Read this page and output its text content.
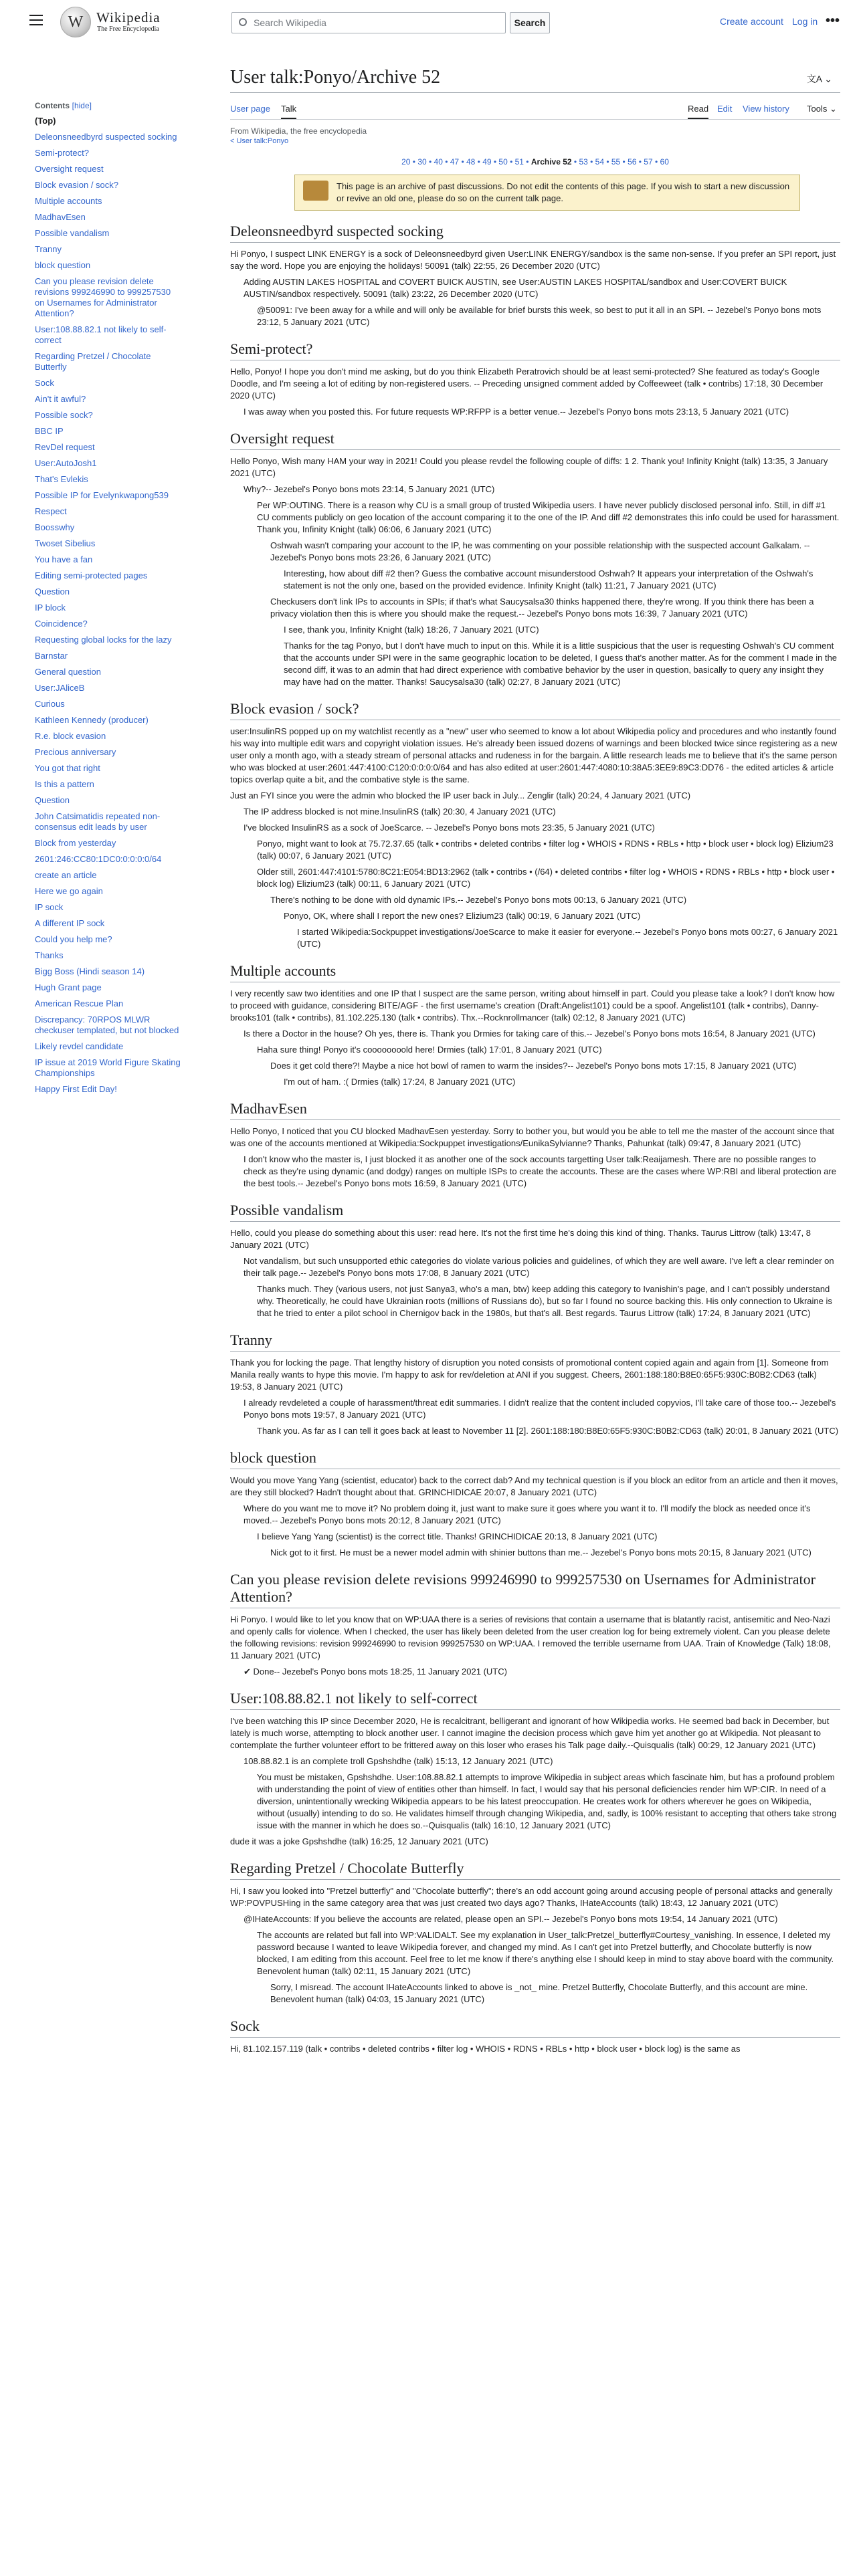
W Wikipedia
The Free Encyclopedia
Search Wikipedia	Search	Create account Log in •••
Contents [hide]
(Top)
Deleonsneedbyrd suspected socking
Semi-protect?
Oversight request
Block evasion / sock?
Multiple accounts
MadhavEsen
Possible vandalism
Tranny
block question
Can you please revision delete revisions 999246990 to 999257530 on Usernames for Administrator Attention?
User:108.88.82.1 not likely to self-correct
Regarding Pretzel / Chocolate Butterfly
Sock
Ain't it awful?
Possible sock?
BBC IP
RevDel request
User:AutoJosh1
That's Evlekis
Possible IP for Evelynkwapong539
Respect
Boosswhy
Twoset Sibelius
You have a fan
Editing semi-protected pages
Question
IP block
Coincidence?
Requesting global locks for the lazy
Barnstar
General question
User:JAliceB
Curious
Kathleen Kennedy (producer)
R.e. block evasion
Precious anniversary
You got that right
Is this a pattern
Question
John Catsimatidis repeated non-consensus edit leads by user
Block from yesterday
2601:246:CC80:1DC0:0:0:0:0/64
create an article
Here we go again
IP sock
A different IP sock
Could you help me?
Thanks
Bigg Boss (Hindi season 14)
Hugh Grant page
American Rescue Plan
Discrepancy: 70RPOS MLWR checkuser templated, but not blocked
Likely revdel candidate
IP issue at 2019 World Figure Skating Championships
Happy First Edit Day!
User talk:Ponyo/Archive 52	文A ⌄
User page Talk	Read Edit View history Tools ⌄
From Wikipedia, the free encyclopedia
< User talk:Ponyo
20 • 30 • 40 • 47 • 48 • 49 • 50 • 51 • Archive 52 • 53 • 54 • 55 • 56 • 57 • 60
This page is an archive of past discussions. Do not edit the contents of this page. If you wish to start a new discussion or revive an old one, please do so on the current talk page.
Deleonsneedbyrd suspected socking

Hi Ponyo, I suspect LINK ENERGY is a sock of Deleonsneedbyrd given User:LINK ENERGY/sandbox is the same non-sense. If you prefer an SPI report, just say the word. Hope you are enjoying the holidays! 50091 (talk) 22:55, 26 December 2020 (UTC)

Adding AUSTIN LAKES HOSPITAL and COVERT BUICK AUSTIN, see User:AUSTIN LAKES HOSPITAL/sandbox and User:COVERT BUICK AUSTIN/sandbox respectively. 50091 (talk) 23:22, 26 December 2020 (UTC)

@50091: I've been away for a while and will only be available for brief bursts this week, so best to put it all in an SPI. -- Jezebel's Ponyo bons mots 23:12, 5 January 2021 (UTC)

Semi-protect?

Hello, Ponyo! I hope you don't mind me asking, but do you think Elizabeth Peratrovich should be at least semi-protected? She featured as today's Google Doodle, and I'm seeing a lot of editing by non-registered users. -- Preceding unsigned comment added by Coffeeweet (talk • contribs) 17:18, 30 December 2020 (UTC)

I was away when you posted this. For future requests WP:RFPP is a better venue.-- Jezebel's Ponyo bons mots 23:13, 5 January 2021 (UTC)

Oversight request

Hello Ponyo, Wish many HAM your way in 2021! Could you please revdel the following couple of diffs: 1 2. Thank you! Infinity Knight (talk) 13:35, 3 January 2021 (UTC)

Why?-- Jezebel's Ponyo bons mots 23:14, 5 January 2021 (UTC)

Per WP:OUTING. There is a reason why CU is a small group of trusted Wikipedia users. I have never publicly disclosed personal info. Still, in diff #1 CU comments publicly on geo location of the account comparing it to the one of the IP. And diff #2 demonstrates this info could be used for harassment. Thank you, Infinity Knight (talk) 06:06, 6 January 2021 (UTC)

Oshwah wasn't comparing your account to the IP, he was commenting on your possible relationship with the suspected account Galkalam. -- Jezebel's Ponyo bons mots 23:26, 6 January 2021 (UTC)

Interesting, how about diff #2 then? Guess the combative account misunderstood Oshwah? It appears your interpretation of the Oshwah's statement is not the only one, based on the provided evidence. Infinity Knight (talk) 11:21, 7 January 2021 (UTC)

Checkusers don't link IPs to accounts in SPIs; if that's what Saucysalsa30 thinks happened there, they're wrong. If you think there has been a privacy violation then this is where you should make the request.-- Jezebel's Ponyo bons mots 16:39, 7 January 2021 (UTC)

I see, thank you, Infinity Knight (talk) 18:26, 7 January 2021 (UTC)

Thanks for the tag Ponyo, but I don't have much to input on this. While it is a little suspicious that the user is requesting Oshwah's CU comment that the accounts under SPI were in the same geographic location to be deleted, I guess that's another matter. As for the comment I made in the second diff, it was to an admin that had direct experience with combative behavior by the user in question, basically to query any insight they may have had on the matter. Thanks! Saucysalsa30 (talk) 02:27, 8 January 2021 (UTC)

Block evasion / sock?

user:InsulinRS popped up on my watchlist recently as a "new" user who seemed to know a lot about Wikipedia policy and procedures and who instantly found his way into multiple edit wars and copyright violation issues. He's already been issued dozens of warnings and been blocked twice since registering as a new user only a month ago, with a steady stream of personal attacks and rudeness in for the bargain. A little research leads me to believe that it's the same person who was blocked at user:2601:447:4100:C120:0:0:0:0/64 and has also edited at user:2601:447:4080:10:38A5:3EE9:89C3:DD76 - the edited articles & article topics overlap quite a bit, and the combative style is the same.

Just an FYI since you were the admin who blocked the IP user back in July... Zenglir (talk) 20:24, 4 January 2021 (UTC)

The IP address blocked is not mine.InsulinRS (talk) 20:30, 4 January 2021 (UTC)

I've blocked InsulinRS as a sock of JoeScarce. -- Jezebel's Ponyo bons mots 23:35, 5 January 2021 (UTC)

Ponyo, might want to look at 75.72.37.65 (talk • contribs • deleted contribs • filter log • WHOIS • RDNS • RBLs • http • block user • block log) Elizium23 (talk) 00:07, 6 January 2021 (UTC)

Older still, 2601:447:4101:5780:8C21:E054:BD13:2962 (talk • contribs • (/64) • deleted contribs • filter log • WHOIS • RDNS • RBLs • http • block user • block log) Elizium23 (talk) 00:11, 6 January 2021 (UTC)

There's nothing to be done with old dynamic IPs.-- Jezebel's Ponyo bons mots 00:13, 6 January 2021 (UTC)

Ponyo, OK, where shall I report the new ones? Elizium23 (talk) 00:19, 6 January 2021 (UTC)

I started Wikipedia:Sockpuppet investigations/JoeScarce to make it easier for everyone.-- Jezebel's Ponyo bons mots 00:27, 6 January 2021 (UTC)

Multiple accounts

I very recently saw two identities and one IP that I suspect are the same person, writing about himself in part. Could you please take a look? I don't know how to proceed with guidance, considering BITE/AGF - the first username's creation (Draft:Angelist101) could be a spoof. Angelist101 (talk • contribs), Danny-brooks101 (talk • contribs), 81.102.225.130 (talk • contribs). Thx.--Rocknrollmancer (talk) 02:12, 8 January 2021 (UTC)

Is there a Doctor in the house? Oh yes, there is. Thank you Drmies for taking care of this.-- Jezebel's Ponyo bons mots 16:54, 8 January 2021 (UTC)

Haha sure thing! Ponyo it's coooooooold here! Drmies (talk) 17:01, 8 January 2021 (UTC)

Does it get cold there?! Maybe a nice hot bowl of ramen to warm the insides?-- Jezebel's Ponyo bons mots 17:15, 8 January 2021 (UTC)

I'm out of ham. :( Drmies (talk) 17:24, 8 January 2021 (UTC)

MadhavEsen

Hello Ponyo, I noticed that you CU blocked MadhavEsen yesterday. Sorry to bother you, but would you be able to tell me the master of the account since that was one of the accounts mentioned at Wikipedia:Sockpuppet investigations/EunikaSylvianne? Thanks, Pahunkat (talk) 09:47, 8 January 2021 (UTC)

I don't know who the master is, I just blocked it as another one of the sock accounts targetting User talk:Reaijamesh. There are no possible ranges to check as they're using dynamic (and dodgy) ranges on multiple ISPs to create the accounts. These are the cases where WP:RBI and liberal protection are the best tools.-- Jezebel's Ponyo bons mots 16:59, 8 January 2021 (UTC)

Possible vandalism

Hello, could you please do something about this user: read here. It's not the first time he's doing this kind of thing. Thanks. Taurus Littrow (talk) 13:47, 8 January 2021 (UTC)

Not vandalism, but such unsupported ethic categories do violate various policies and guidelines, of which they are well aware. I've left a clear reminder on their talk page.-- Jezebel's Ponyo bons mots 17:08, 8 January 2021 (UTC)

Thanks much. They (various users, not just Sanya3, who's a man, btw) keep adding this category to Ivanishin's page, and I can't possibly understand why. Theoretically, he could have Ukrainian roots (millions of Russians do), but so far I found no source backing this. His only connection to Ukraine is that he tried to enter a pilot school in Chernigov back in the 1980s, but that's all. Best regards. Taurus Littrow (talk) 17:24, 8 January 2021 (UTC)

Tranny

Thank you for locking the page. That lengthy history of disruption you noted consists of promotional content copied again and again from [1]. Someone from Manila really wants to hype this movie. I'm happy to ask for rev/deletion at ANI if you suggest. Cheers, 2601:188:180:B8E0:65F5:930C:B0B2:CD63 (talk) 19:53, 8 January 2021 (UTC)

I already revdeleted a couple of harassment/threat edit summaries. I didn't realize that the content included copyvios, I'll take care of those too.-- Jezebel's Ponyo bons mots 19:57, 8 January 2021 (UTC)

Thank you. As far as I can tell it goes back at least to November 11 [2]. 2601:188:180:B8E0:65F5:930C:B0B2:CD63 (talk) 20:01, 8 January 2021 (UTC)

block question

Would you move Yang Yang (scientist, educator) back to the correct dab? And my technical question is if you block an editor from an article and then it moves, are they still blocked? Hadn't thought about that. GRINCHIDICAE 20:07, 8 January 2021 (UTC)

Where do you want me to move it? No problem doing it, just want to make sure it goes where you want it to. I'll modify the block as needed once it's moved.-- Jezebel's Ponyo bons mots 20:12, 8 January 2021 (UTC)

I believe Yang Yang (scientist) is the correct title. Thanks! GRINCHIDICAE 20:13, 8 January 2021 (UTC)

Nick got to it first. He must be a newer model admin with shinier buttons than me.-- Jezebel's Ponyo bons mots 20:15, 8 January 2021 (UTC)

Can you please revision delete revisions 999246990 to 999257530 on Usernames for Administrator Attention?

Hi Ponyo. I would like to let you know that on WP:UAA there is a series of revisions that contain a username that is blatantly racist, antisemitic and Neo-Nazi and openly calls for violence. When I checked, the user has likely been deleted from the user creation log for being extremely violent. Can you please delete the following revisions: revision 999246990 to revision 999257530 on WP:UAA. I removed the terrible username from UAA. Train of Knowledge (Talk) 18:08, 11 January 2021 (UTC)

✔ Done-- Jezebel's Ponyo bons mots 18:25, 11 January 2021 (UTC)

User:108.88.82.1 not likely to self-correct

I've been watching this IP since December 2020, He is recalcitrant, belligerant and ignorant of how Wikipedia works. He seemed bad back in December, but lately is much worse, attempting to block another user. I cannot imagine the decision process which gave him yet another go at Wikipedia. Not pleasant to contemplate the further volunteer effort to be frittered away on this loser who erases his Talk page daily.--Quisqualis (talk) 00:29, 12 January 2021 (UTC)

108.88.82.1 is an complete troll Gpshshdhe (talk) 15:13, 12 January 2021 (UTC)

You must be mistaken, Gpshshdhe. User:108.88.82.1 attempts to improve Wikipedia in subject areas which fascinate him, but has a profound problem with understanding the point of view of entities other than himself. In fact, I would say that his personal deficiencies render him WP:CIR. In need of a diversion, unintentionally wrecking Wikipedia appears to be his latest preoccupation. He creates work for others wherever he goes on Wikipedia, without (usually) intending to do so. He validates himself through changing Wikipedia, and, sadly, is 100% resistant to accepting that others take strong issue with the manner in which he does so.--Quisqualis (talk) 16:10, 12 January 2021 (UTC)

dude it was a joke Gpshshdhe (talk) 16:25, 12 January 2021 (UTC)

Regarding Pretzel / Chocolate Butterfly

Hi, I saw you looked into "Pretzel butterfly" and "Chocolate butterfly"; there's an odd account going around accusing people of personal attacks and generally WP:POVPUSHing in the same category area that was just created two days ago? Thanks, IHateAccounts (talk) 18:43, 12 January 2021 (UTC)

@IHateAccounts: If you believe the accounts are related, please open an SPI.-- Jezebel's Ponyo bons mots 19:54, 14 January 2021 (UTC)

The accounts are related but fall into WP:VALIDALT. See my explanation in User_talk:Pretzel_butterfly#Courtesy_vanishing. In essence, I deleted my password because I wanted to leave Wikipedia forever, and changed my mind. As I can't get into Pretzel butterfly, and Chocolate butterfly is now blocked, I am editing from this account. Feel free to let me know if there's anything else I should keep in mind to stay above board with the community. Benevolent human (talk) 02:11, 15 January 2021 (UTC)

Sorry, I misread. The account IHateAccounts linked to above is _not_ mine. Pretzel Butterfly, Chocolate Butterfly, and this account are mine. Benevolent human (talk) 04:03, 15 January 2021 (UTC)

Sock

Hi, 81.102.157.119 (talk • contribs • deleted contribs • filter log • WHOIS • RDNS • RBLs • http • block user • block log) is the same as
